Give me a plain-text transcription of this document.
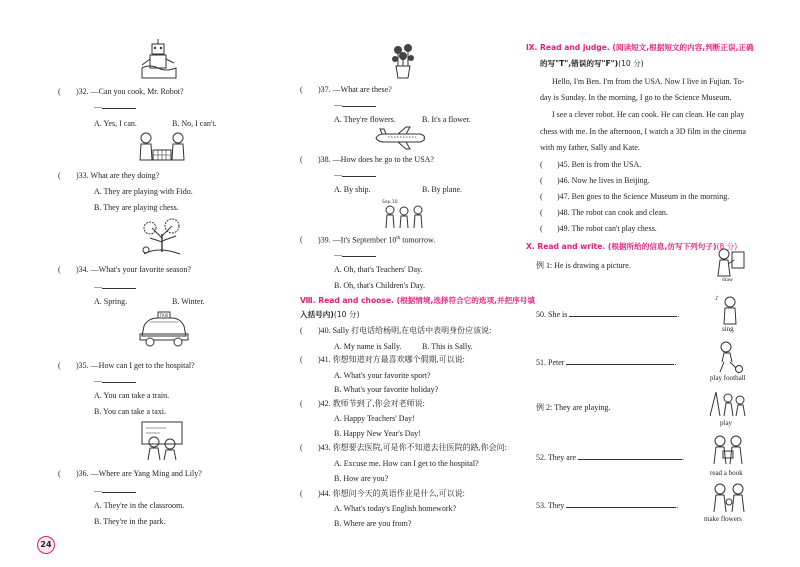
( )32. —Can you cook, Mr. Robot?
—
A. Yes, I can.	B. No, I can't.
( )33. What are they doing?
A. They are playing with Fido.
B. They are playing chess.
( )34. —What's your favorite season?
—
A. Spring.	B. Winter.
TAXI
( )35. —How can I get to the hospital?
—
A. You can take a train.
B. You can take a taxi.
( )36. —Where are Yang Ming and Lily?
—
A. They're in the classroom.
B. They're in the park.
24
( )37. —What are these?
—
A. They're flowers.	B. It's a flower.
( )38. —How does he go to the USA?
—
A. By ship.	B. By plane.
Sep.10
( )39. —It's September 10th tomorrow.
—
A. Oh, that's Teachers' Day.
B. Oh, that's Children's Day.
Ⅷ. Read and choose. (根据情境,选择符合它的选项,并把序号填
入括号内)(10 分)
( )40. Sally 打电话给杨明,在电话中表明身份应该说:
A. My name is Sally.	B. This is Sally.
( )41. 你想知道对方最喜欢哪个假期,可以说:
A. What's your favorite sport?
B. What's your favorite holiday?
( )42. 教师节到了,你会对老师说:
A. Happy Teachers' Day!
B. Happy New Year's Day!
( )43. 你想要去医院,可是你不知道去往医院的路,你会问:
A. Excuse me. How can I get to the hospital?
B. How are you?
( )44. 你想问今天的英语作业是什么,可以说:
A. What's today's English homework?
B. Where are you from?
Ⅸ. Read and judge. (阅读短文,根据短文的内容,判断正误,正确
的写"T",错误的写"F")(10 分)
Hello, I'm Ben. I'm from the USA. Now I live in Fujian. To-
day is Sunday. In the morning, I go to the Science Museum.
I see a clever robot. He can cook. He can clean. He can play
chess with me. In the afternoon, I watch a 3D film in the cinema
with my father, Sally and Kate.
( )45. Ben is from the USA.
( )46. Now he lives in Beijing.
( )47. Ben goes to the Science Museum in the morning.
( )48. The robot can cook and clean.
( )49. The robot can't play chess.
Ⅹ. Read and write. (根据所给的信息,仿写下列句子)(8 分)
例 1: He is drawing a picture.
50. She is	.
51. Peter	.
例 2: They are playing.
52. They are	.
53. They	.
draw
♪
sing
play football
play
read a book
make flowers
